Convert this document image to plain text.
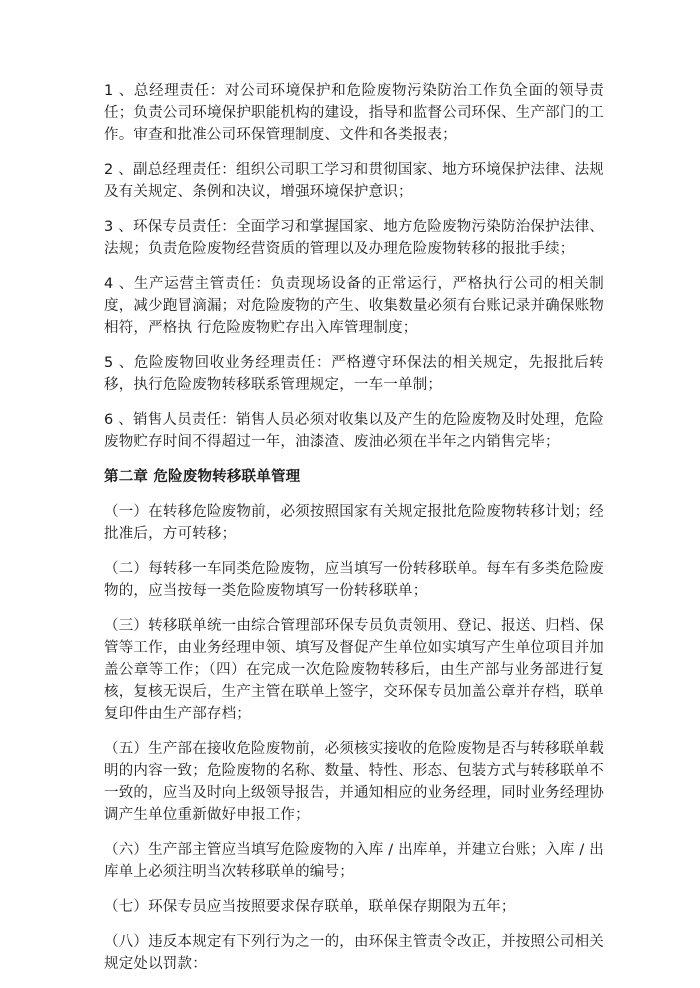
1 、总经理责任：对公司环境保护和危险废物污染防治工作负全面的领导责任；负责公司环境保护职能机构的建设，指导和监督公司环保、生产部门的工作。审查和批准公司环保管理制度、文件和各类报表；

2 、副总经理责任：组织公司职工学习和贯彻国家、地方环境保护法律、法规及有关规定、条例和决议，增强环境保护意识；

3 、环保专员责任：全面学习和掌握国家、地方危险废物污染防治保护法律、法规；负责危险废物经营资质的管理以及办理危险废物转移的报批手续；

4 、生产运营主管责任：负责现场设备的正常运行，严格执行公司的相关制度，减少跑冒滴漏；对危险废物的产生、收集数量必须有台账记录并确保账物相符，严格执 行危险废物贮存出入库管理制度；

5 、危险废物回收业务经理责任：严格遵守环保法的相关规定，先报批后转移，执行危险废物转移联系管理规定，一车一单制；

6 、销售人员责任：销售人员必须对收集以及产生的危险废物及时处理，危险废物贮存时间不得超过一年，油漆渣、废油必须在半年之内销售完毕；

第二章 危险废物转移联单管理

（一）在转移危险废物前，必须按照国家有关规定报批危险废物转移计划；经批准后，方可转移；

（二）每转移一车同类危险废物，应当填写一份转移联单。每车有多类危险废物的，应当按每一类危险废物填写一份转移联单；

（三）转移联单统一由综合管理部环保专员负责领用、登记、报送、归档、保管等工作，由业务经理申领、填写及督促产生单位如实填写产生单位项目并加盖公章等工作；（四）在完成一次危险废物转移后，由生产部与业务部进行复核，复核无误后，生产主管在联单上签字，交环保专员加盖公章并存档，联单复印件由生产部存档；

（五）生产部在接收危险废物前，必须核实接收的危险废物是否与转移联单载明的内容一致；危险废物的名称、数量、特性、形态、包装方式与转移联单不一致的，应当及时向上级领导报告，并通知相应的业务经理，同时业务经理协调产生单位重新做好申报工作；

（六）生产部主管应当填写危险废物的入库 / 出库单，并建立台账；入库 / 出库单上必须注明当次转移联单的编号；

（七）环保专员应当按照要求保存联单，联单保存期限为五年；

（八）违反本规定有下列行为之一的，由环保主管责令改正，并按照公司相关规定处以罚款：
